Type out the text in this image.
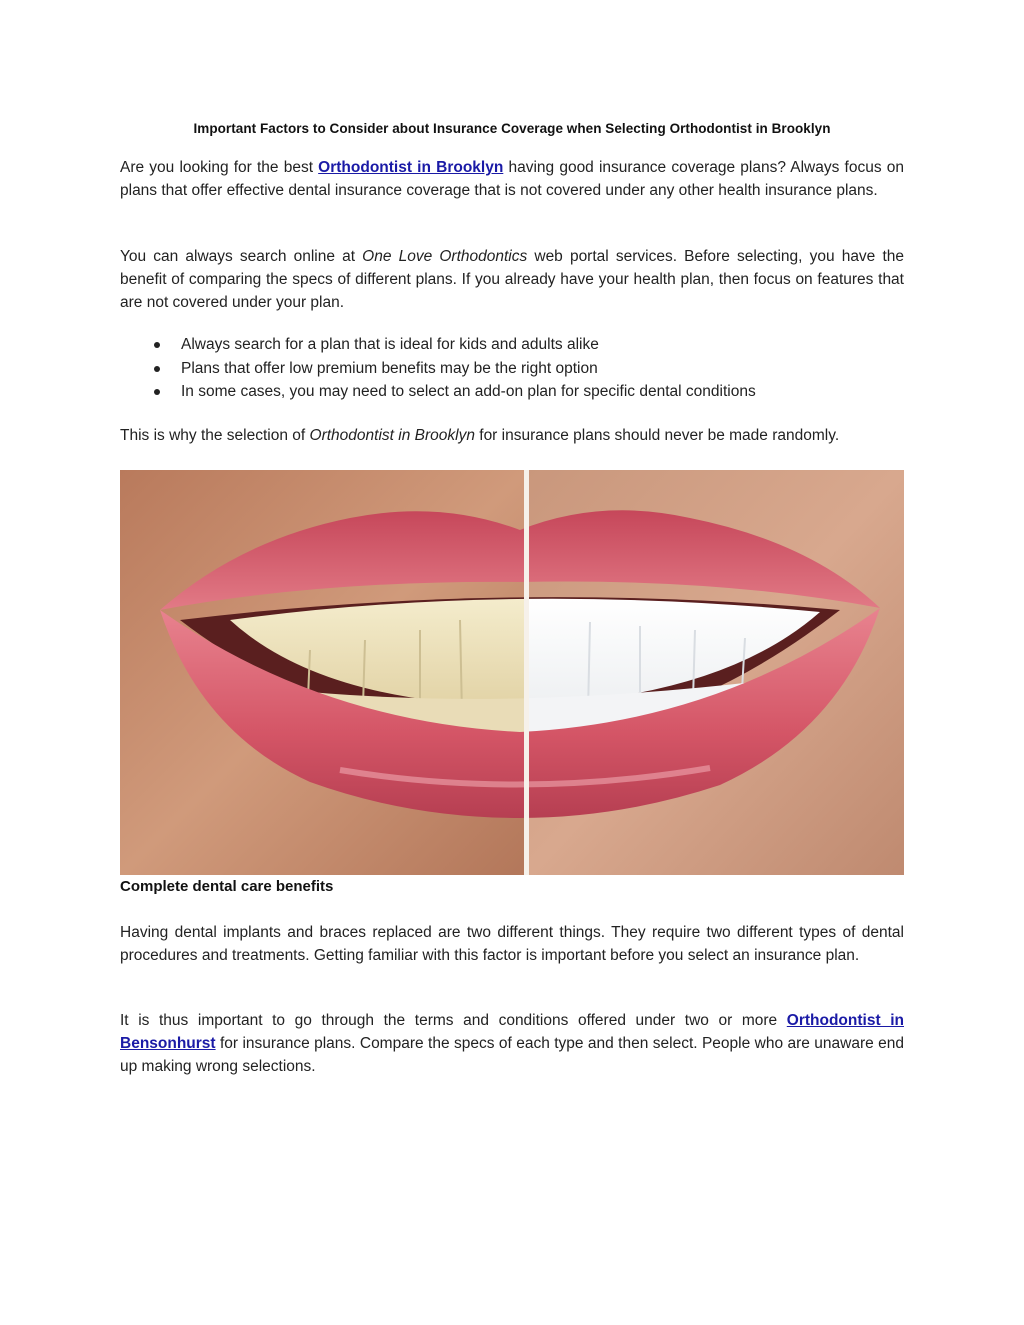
Important Factors to Consider about Insurance Coverage when Selecting Orthodontist in Brooklyn

Are you looking for the best Orthodontist in Brooklyn having good insurance coverage plans? Always focus on plans that offer effective dental insurance coverage that is not covered under any other health insurance plans.

You can always search online at One Love Orthodontics web portal services. Before selecting, you have the benefit of comparing the specs of different plans. If you already have your health plan, then focus on features that are not covered under your plan.

Always search for a plan that is ideal for kids and adults alike
Plans that offer low premium benefits may be the right option
In some cases, you may need to select an add-on plan for specific dental conditions

This is why the selection of Orthodontist in Brooklyn for insurance plans should never be made randomly.

Complete dental care benefits

Having dental implants and braces replaced are two different things. They require two different types of dental procedures and treatments. Getting familiar with this factor is important before you select an insurance plan.

It is thus important to go through the terms and conditions offered under two or more Orthodontist in Bensonhurst for insurance plans. Compare the specs of each type and then select. People who are unaware end up making wrong selections.
